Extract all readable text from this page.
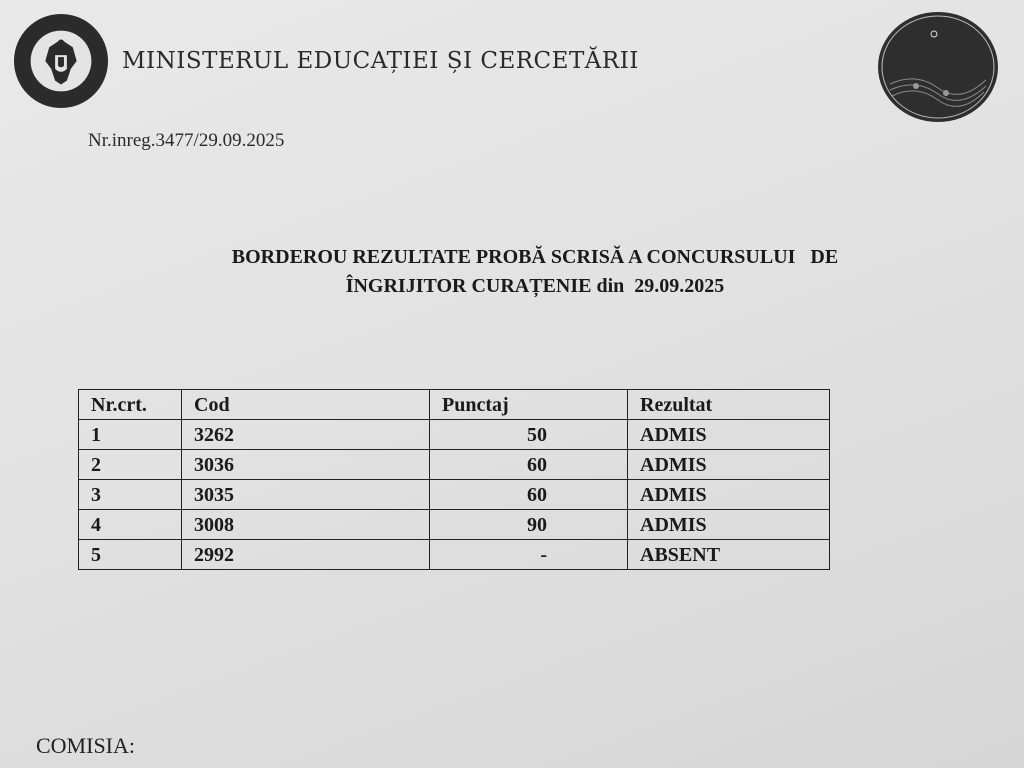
MINISTERUL EDUCAȚIEI ȘI CERCETĂRII
Nr.inreg.3477/29.09.2025
BORDEROU REZULTATE PROBĂ SCRISĂ A CONCURSULUI   DE
ÎNGRIJITOR CURAȚENIE din  29.09.2025
Nr.crt.	Cod	Punctaj	Rezultat
1	3262	50	ADMIS
2	3036	60	ADMIS
3	3035	60	ADMIS
4	3008	90	ADMIS
5	2992	-	ABSENT
COMISIA:
